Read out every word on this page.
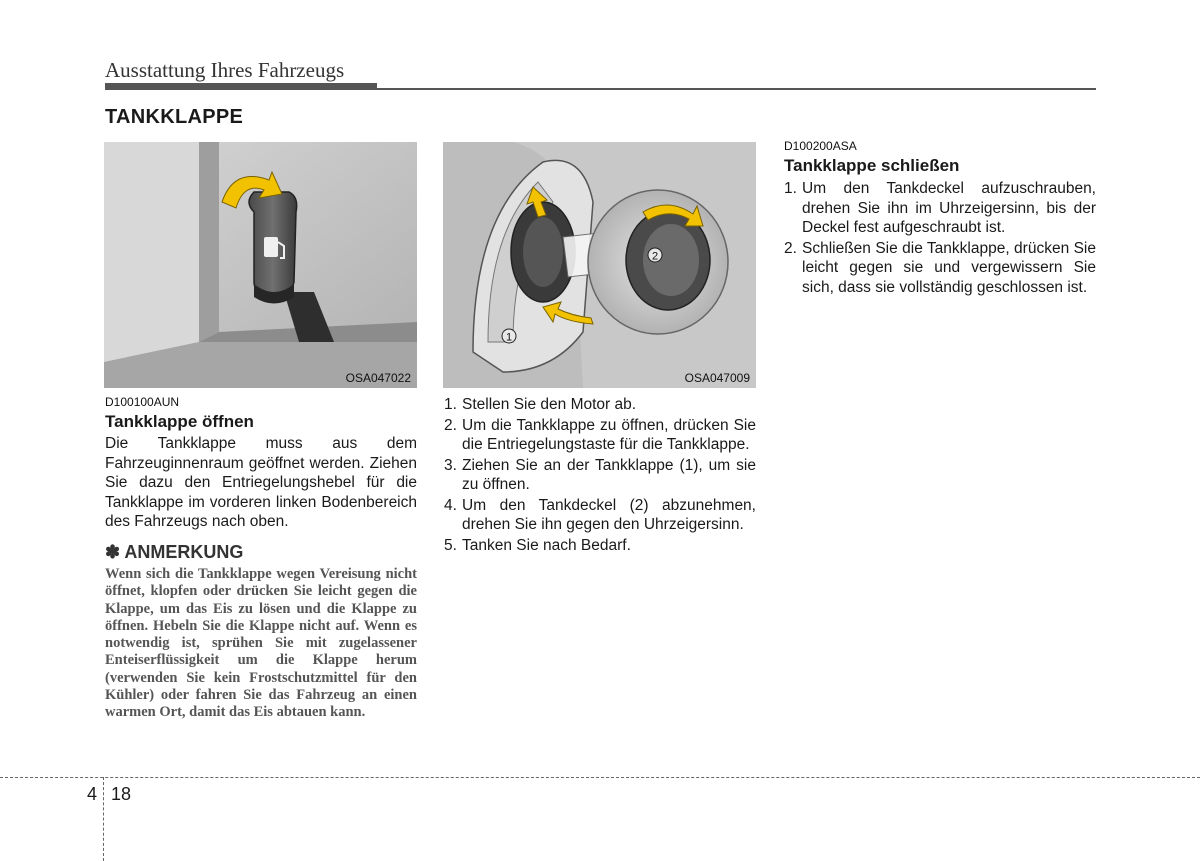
Ausstattung Ihres Fahrzeugs
TANKKLAPPE
OSA047022
2
1
OSA047009
D100100AUN
Tankklappe öffnen
Die Tankklappe muss aus dem Fahrzeuginnenraum geöffnet werden. Ziehen Sie dazu den Entriegelungshebel für die Tankklappe im vorderen linken Bodenbereich des Fahrzeugs nach oben.
✽ ANMERKUNG
Wenn sich die Tankklappe wegen Vereisung nicht öffnet, klopfen oder drücken Sie leicht gegen die Klappe, um das Eis zu lösen und die Klappe zu öffnen. Hebeln Sie die Klappe nicht auf. Wenn es notwendig ist, sprühen Sie mit zugelassener Enteiserflüssigkeit um die Klappe herum (verwenden Sie kein Frostschutzmittel für den Kühler) oder fahren Sie das Fahrzeug an einen warmen Ort, damit das Eis abtauen kann.
1. Stellen Sie den Motor ab.
2. Um die Tankklappe zu öffnen, drücken Sie die Entriegelungstaste für die Tankklappe.
3. Ziehen Sie an der Tankklappe (1), um sie zu öffnen.
4. Um den Tankdeckel (2) abzunehmen, drehen Sie ihn gegen den Uhrzeigersinn.
5. Tanken Sie nach Bedarf.
D100200ASA
Tankklappe schließen
1. Um den Tankdeckel aufzuschrauben, drehen Sie ihn im Uhrzeigersinn, bis der Deckel fest aufgeschraubt ist.
2. Schließen Sie die Tankklappe, drücken Sie leicht gegen sie und vergewissern Sie sich, dass sie vollständig geschlossen ist.
4 18
